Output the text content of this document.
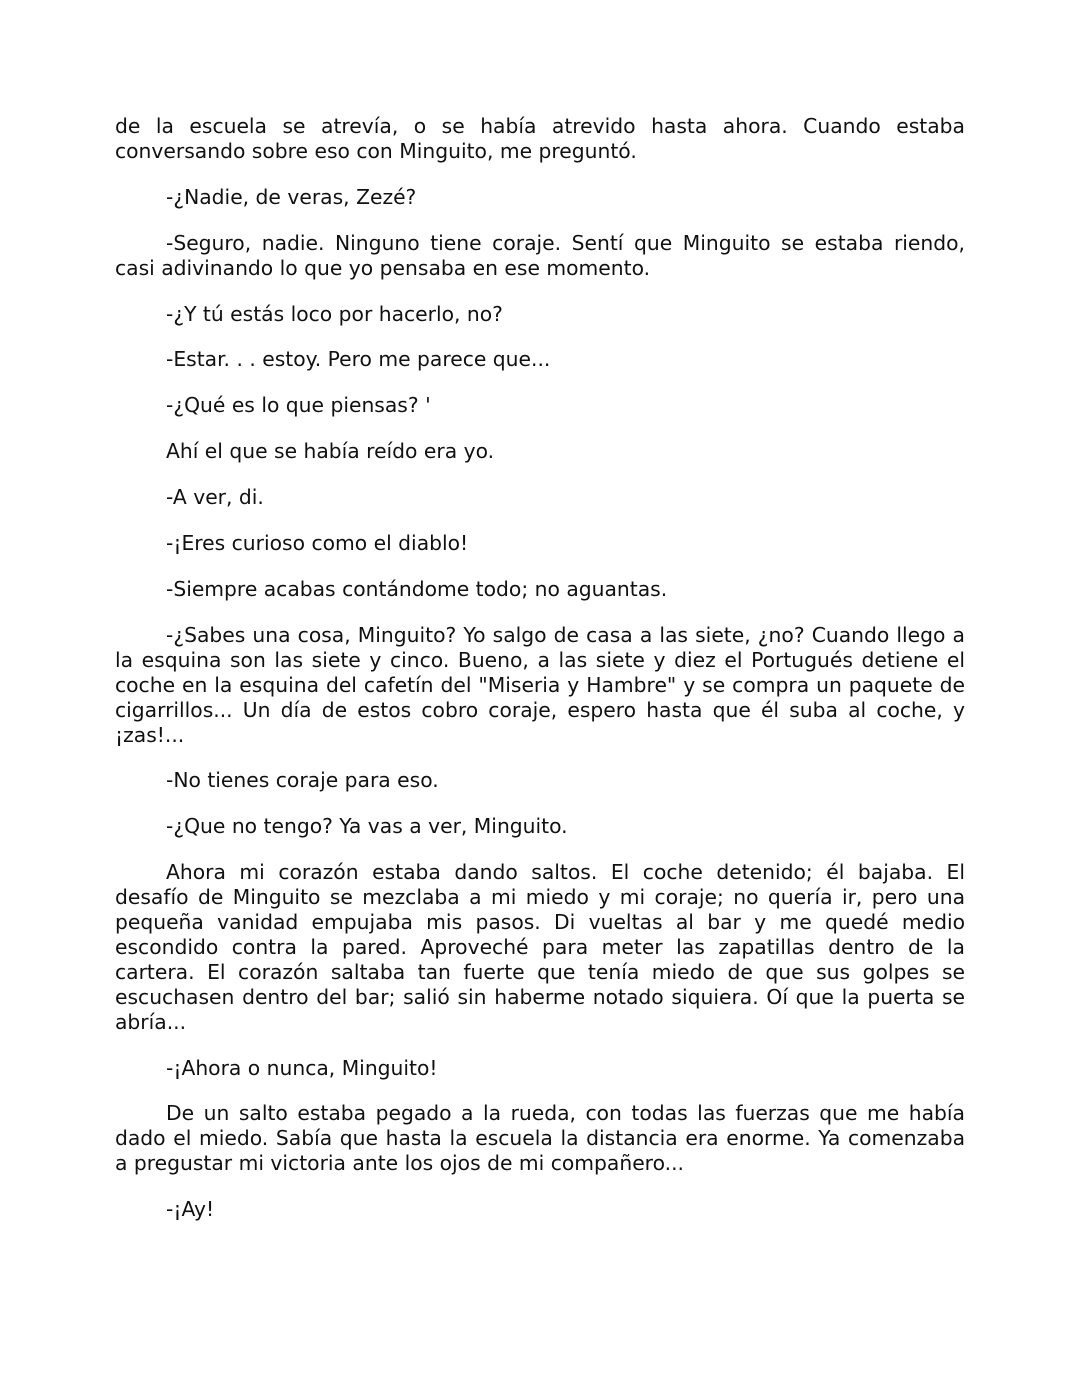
de la escuela se atrevía, o se había atrevido hasta ahora. Cuando estaba conversando sobre eso con Minguito, me preguntó.

-¿Nadie, de veras, Zezé?

-Seguro, nadie. Ninguno tiene coraje. Sentí que Minguito se estaba riendo, casi adivinando lo que yo pensaba en ese momento.

-¿Y tú estás loco por hacerlo, no?

-Estar. . . estoy. Pero me parece que...

-¿Qué es lo que piensas? '

Ahí el que se había reído era yo.

-A ver, di.

-¡Eres curioso como el diablo!

-Siempre acabas contándome todo; no aguantas.

-¿Sabes una cosa, Minguito? Yo salgo de casa a las siete, ¿no? Cuando llego a la esquina son las siete y cinco. Bueno, a las siete y diez el Portugués detiene el coche en la esquina del cafetín del "Miseria y Hambre" y se compra un paquete de cigarrillos... Un día de estos cobro coraje, espero hasta que él suba al coche, y ¡zas!...

-No tienes coraje para eso.

-¿Que no tengo? Ya vas a ver, Minguito.

Ahora mi corazón estaba dando saltos. El coche detenido; él bajaba. El desafío de Minguito se mezclaba a mi miedo y mi coraje; no quería ir, pero una pequeña vanidad empujaba mis pasos. Di vueltas al bar y me quedé medio escondido contra la pared. Aproveché para meter las zapatillas dentro de la cartera. El corazón saltaba tan fuerte que tenía miedo de que sus golpes se escuchasen dentro del bar; salió sin haberme notado siquiera. Oí que la puerta se abría...

-¡Ahora o nunca, Minguito!

De un salto estaba pegado a la rueda, con todas las fuerzas que me había dado el miedo. Sabía que hasta la escuela la distancia era enorme. Ya comenzaba a pregustar mi victoria ante los ojos de mi compañero...

-¡Ay!
